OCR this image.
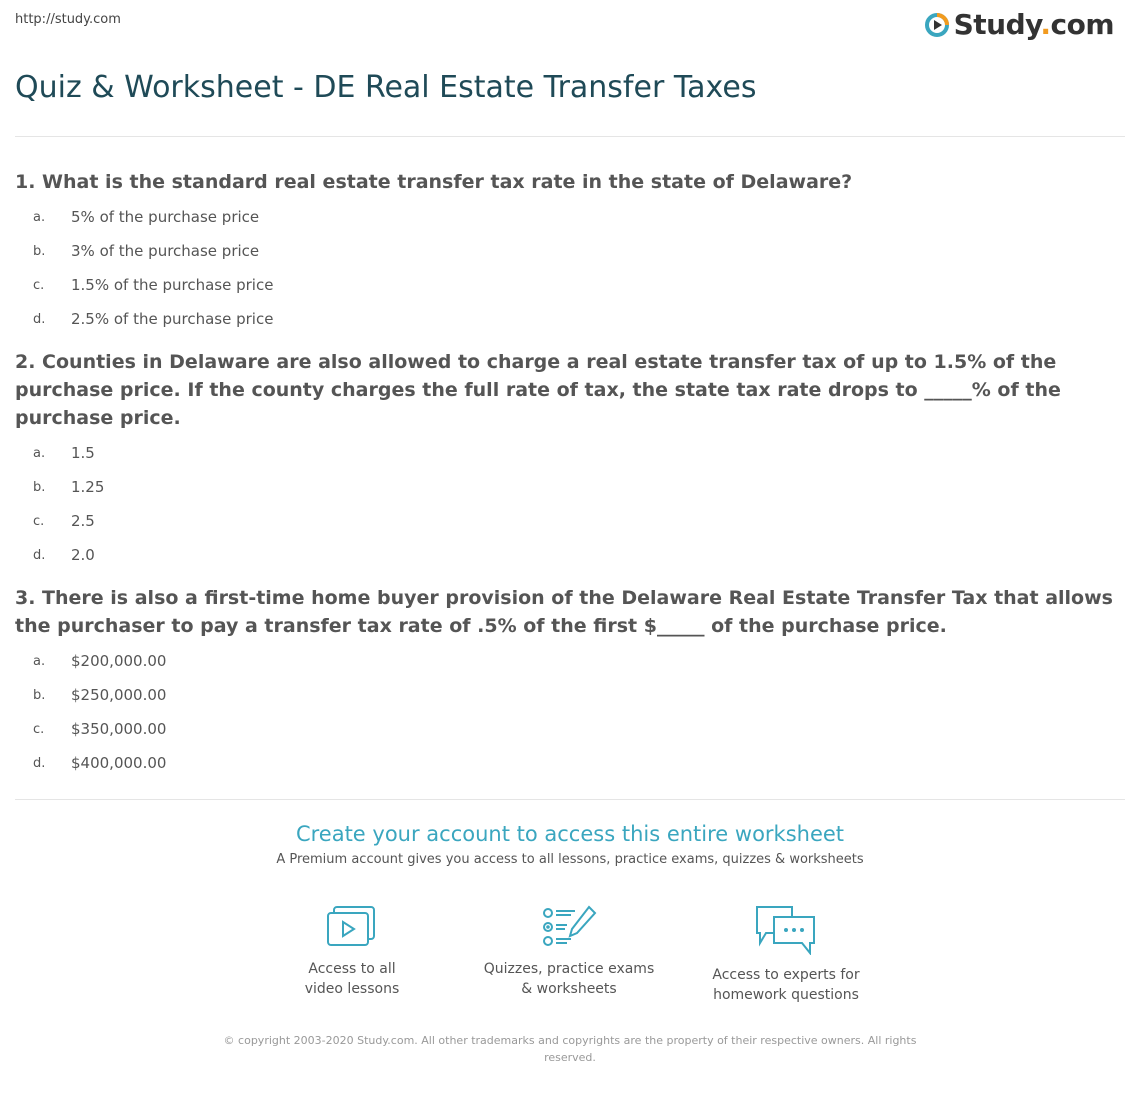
http://study.com	Study.com
Quiz & Worksheet - DE Real Estate Transfer Taxes
1. What is the standard real estate transfer tax rate in the state of Delaware?
a.	5% of the purchase price
b.	3% of the purchase price
c.	1.5% of the purchase price
d.	2.5% of the purchase price
2. Counties in Delaware are also allowed to charge a real estate transfer tax of up to 1.5% of the purchase price. If the county charges the full rate of tax, the state tax rate drops to _____% of the purchase price.
a.	1.5
b.	1.25
c.	2.5
d.	2.0
3. There is also a first-time home buyer provision of the Delaware Real Estate Transfer Tax that allows the purchaser to pay a transfer tax rate of .5% of the first $_____ of the purchase price.
a.	$200,000.00
b.	$250,000.00
c.	$350,000.00
d.	$400,000.00
Create your account to access this entire worksheet
A Premium account gives you access to all lessons, practice exams, quizzes & worksheets
Access to all
video lessons
Quizzes, practice exams
& worksheets
Access to experts for
homework questions
© copyright 2003-2020 Study.com. All other trademarks and copyrights are the property of their respective owners. All rights reserved.
